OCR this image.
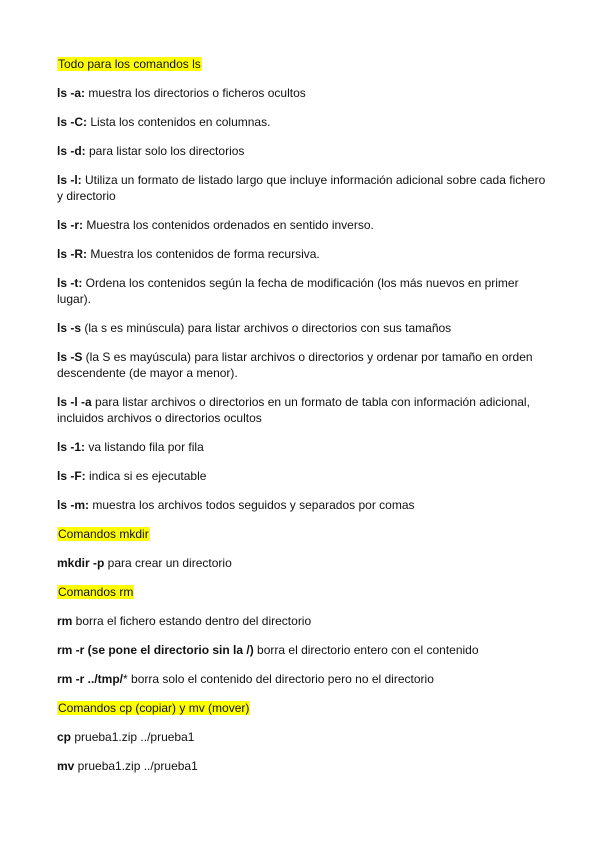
Todo para los comandos ls

ls -a: muestra los directorios o ficheros ocultos

ls -C: Lista los contenidos en columnas.

ls -d: para listar solo los directorios

ls -l: Utiliza un formato de listado largo que incluye información adicional sobre cada fichero y directorio

ls -r: Muestra los contenidos ordenados en sentido inverso.

ls -R: Muestra los contenidos de forma recursiva.

ls -t: Ordena los contenidos según la fecha de modificación (los más nuevos en primer lugar).

ls -s (la s es minúscula) para listar archivos o directorios con sus tamaños

ls -S (la S es mayúscula) para listar archivos o directorios y ordenar por tamaño en orden descendente (de mayor a menor).

ls -l -a para listar archivos o directorios en un formato de tabla con información adicional, incluidos archivos o directorios ocultos

ls -1: va listando fila por fila

ls -F: indica si es ejecutable

ls -m: muestra los archivos todos seguidos y separados por comas

Comandos mkdir

mkdir -p para crear un directorio

Comandos rm

rm borra el fichero estando dentro del directorio

rm -r (se pone el directorio sin la /) borra el directorio entero con el contenido

rm -r ../tmp/* borra solo el contenido del directorio pero no el directorio

Comandos cp (copiar) y mv (mover)

cp prueba1.zip ../prueba1

mv prueba1.zip ../prueba1
